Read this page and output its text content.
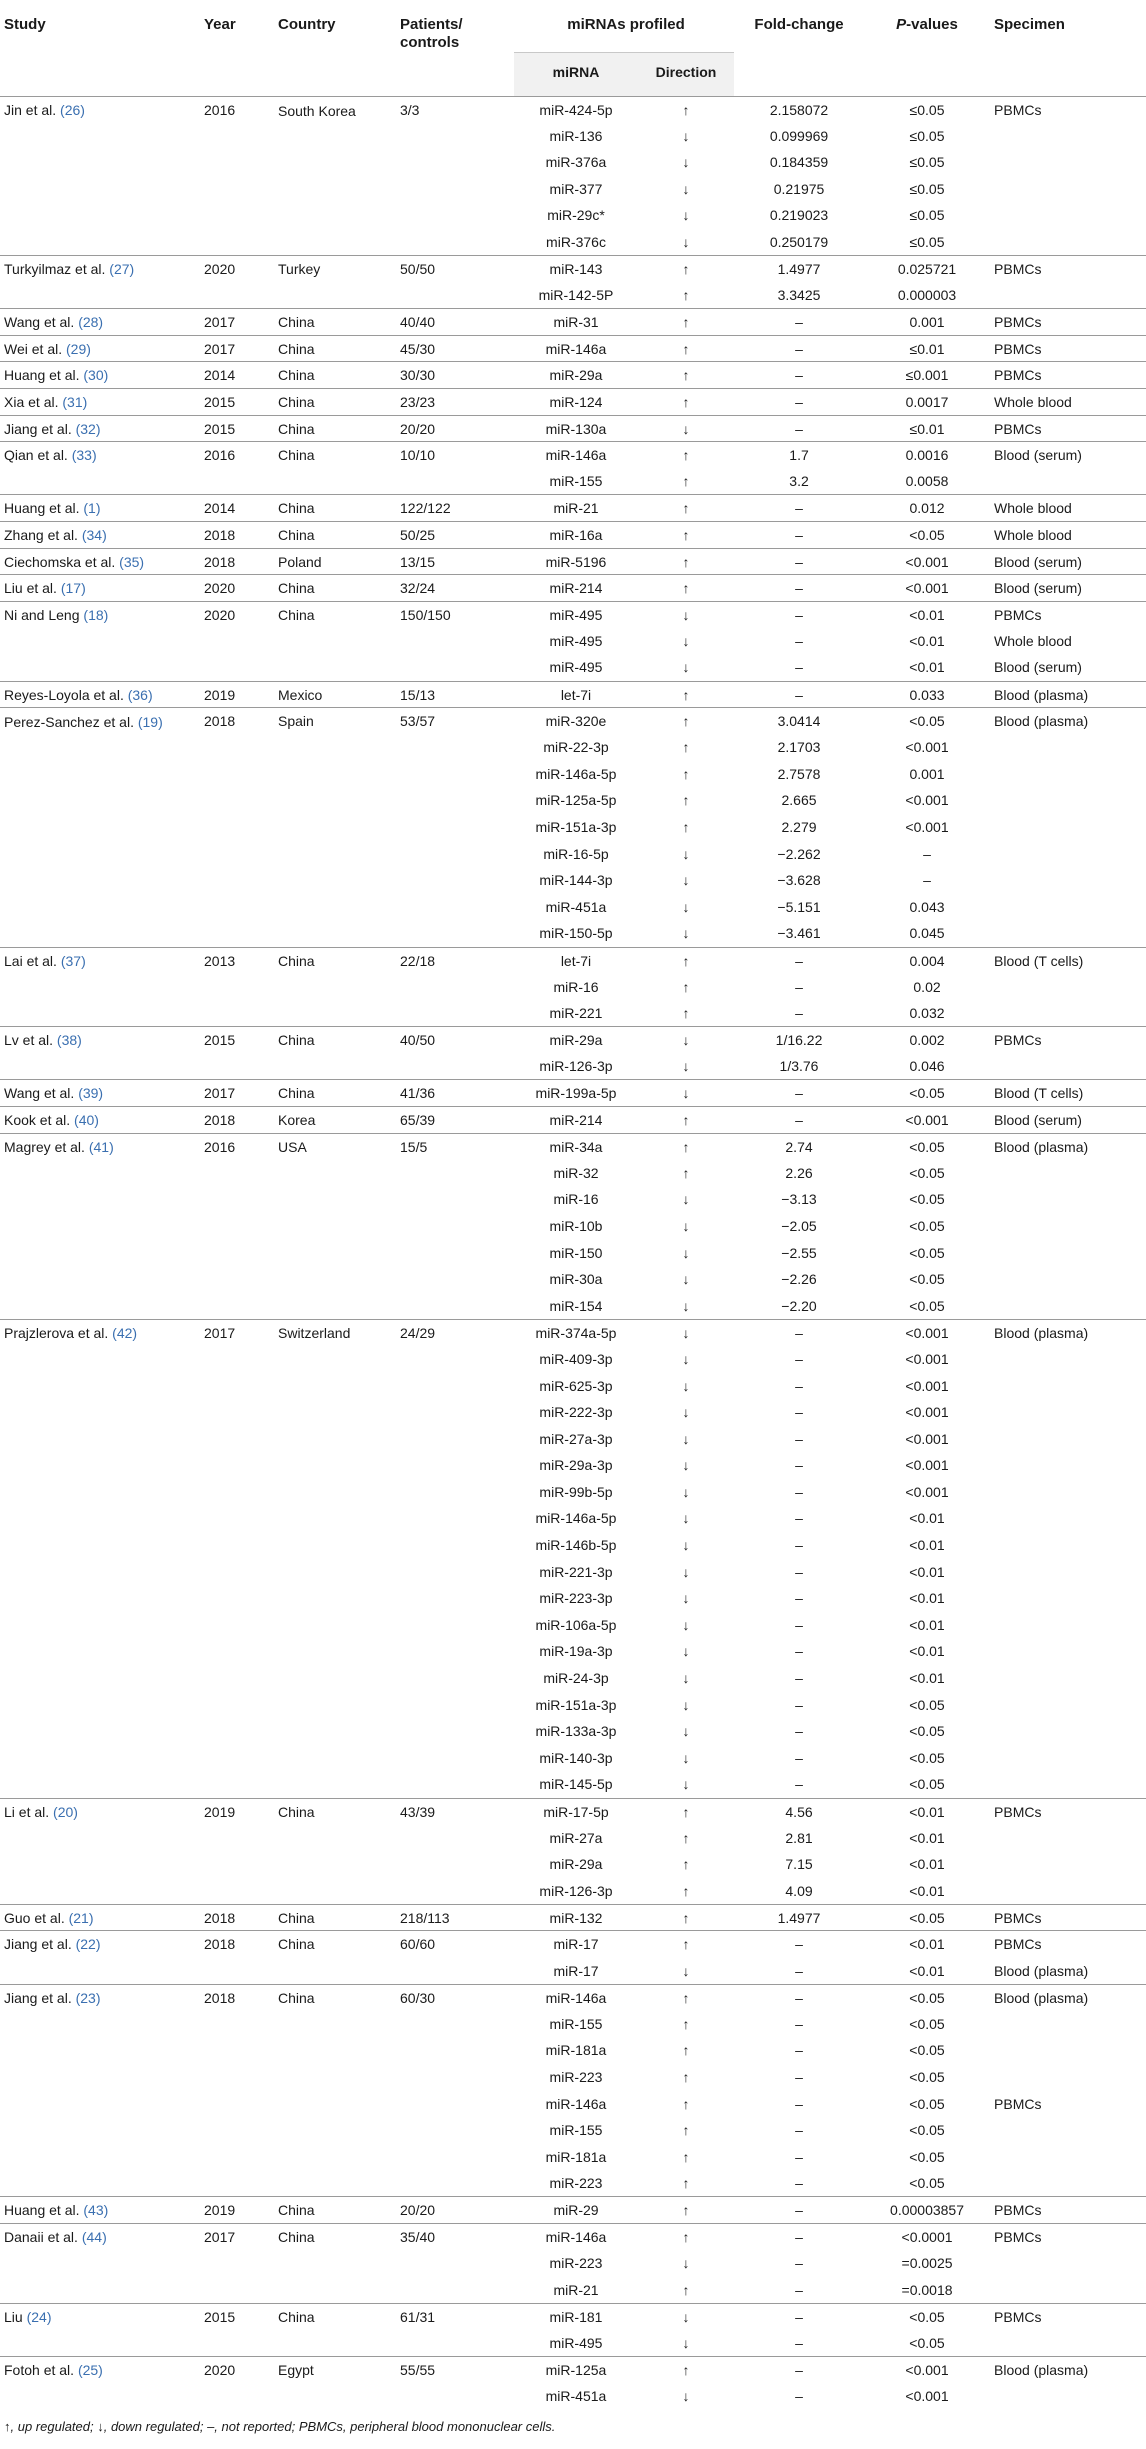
Study	Year	Country	Patients/ controls	miRNAs profiled		Fold-change	P-values	Specimen
				miRNA	Direction			
Jin et al. (26)	2016	South Korea	3/3	miR-424-5p	↑	2.158072	≤0.05	PBMCs
				miR-136	↓	0.099969	≤0.05	
				miR-376a	↓	0.184359	≤0.05	
				miR-377	↓	0.21975	≤0.05	
				miR-29c*	↓	0.219023	≤0.05	
				miR-376c	↓	0.250179	≤0.05	
Turkyilmaz et al. (27)	2020	Turkey	50/50	miR-143	↑	1.4977	0.025721	PBMCs
				miR-142-5P	↑	3.3425	0.000003	
Wang et al. (28)	2017	China	40/40	miR-31	↑	–	0.001	PBMCs
Wei et al. (29)	2017	China	45/30	miR-146a	↑	–	≤0.01	PBMCs
Huang et al. (30)	2014	China	30/30	miR-29a	↑	–	≤0.001	PBMCs
Xia et al. (31)	2015	China	23/23	miR-124	↑	–	0.0017	Whole blood
Jiang et al. (32)	2015	China	20/20	miR-130a	↓	–	≤0.01	PBMCs
Qian et al. (33)	2016	China	10/10	miR-146a	↑	1.7	0.0016	Blood (serum)
				miR-155	↑	3.2	0.0058	
Huang et al. (1)	2014	China	122/122	miR-21	↑	–	0.012	Whole blood
Zhang et al. (34)	2018	China	50/25	miR-16a	↑	–	<0.05	Whole blood
Ciechomska et al. (35)	2018	Poland	13/15	miR-5196	↑	–	<0.001	Blood (serum)
Liu et al. (17)	2020	China	32/24	miR-214	↑	–	<0.001	Blood (serum)
Ni and Leng (18)	2020	China	150/150	miR-495	↓	–	<0.01	PBMCs
				miR-495	↓	–	<0.01	Whole blood
				miR-495	↓	–	<0.01	Blood (serum)
Reyes-Loyola et al. (36)	2019	Mexico	15/13	let-7i	↑	–	0.033	Blood (plasma)
Perez-Sanchez et al. (19)	2018	Spain	53/57	miR-320e	↑	3.0414	<0.05	Blood (plasma)
				miR-22-3p	↑	2.1703	<0.001	
				miR-146a-5p	↑	2.7578	0.001	
				miR-125a-5p	↑	2.665	<0.001	
				miR-151a-3p	↑	2.279	<0.001	
				miR-16-5p	↓	−2.262	–	
				miR-144-3p	↓	−3.628	–	
				miR-451a	↓	−5.151	0.043	
				miR-150-5p	↓	−3.461	0.045	
Lai et al. (37)	2013	China	22/18	let-7i	↑	–	0.004	Blood (T cells)
				miR-16	↑	–	0.02	
				miR-221	↑	–	0.032	
Lv et al. (38)	2015	China	40/50	miR-29a	↓	1/16.22	0.002	PBMCs
				miR-126-3p	↓	1/3.76	0.046	
Wang et al. (39)	2017	China	41/36	miR-199a-5p	↓	–	<0.05	Blood (T cells)
Kook et al. (40)	2018	Korea	65/39	miR-214	↑	–	<0.001	Blood (serum)
Magrey et al. (41)	2016	USA	15/5	miR-34a	↑	2.74	<0.05	Blood (plasma)
				miR-32	↑	2.26	<0.05	
				miR-16	↓	−3.13	<0.05	
				miR-10b	↓	−2.05	<0.05	
				miR-150	↓	−2.55	<0.05	
				miR-30a	↓	−2.26	<0.05	
				miR-154	↓	−2.20	<0.05	
Prajzlerova et al. (42)	2017	Switzerland	24/29	miR-374a-5p	↓	–	<0.001	Blood (plasma)
				miR-409-3p	↓	–	<0.001	
				miR-625-3p	↓	–	<0.001	
				miR-222-3p	↓	–	<0.001	
				miR-27a-3p	↓	–	<0.001	
				miR-29a-3p	↓	–	<0.001	
				miR-99b-5p	↓	–	<0.001	
				miR-146a-5p	↓	–	<0.01	
				miR-146b-5p	↓	–	<0.01	
				miR-221-3p	↓	–	<0.01	
				miR-223-3p	↓	–	<0.01	
				miR-106a-5p	↓	–	<0.01	
				miR-19a-3p	↓	–	<0.01	
				miR-24-3p	↓	–	<0.01	
				miR-151a-3p	↓	–	<0.05	
				miR-133a-3p	↓	–	<0.05	
				miR-140-3p	↓	–	<0.05	
				miR-145-5p	↓	–	<0.05	
Li et al. (20)	2019	China	43/39	miR-17-5p	↑	4.56	<0.01	PBMCs
				miR-27a	↑	2.81	<0.01	
				miR-29a	↑	7.15	<0.01	
				miR-126-3p	↑	4.09	<0.01	
Guo et al. (21)	2018	China	218/113	miR-132	↑	1.4977	<0.05	PBMCs
Jiang et al. (22)	2018	China	60/60	miR-17	↑	–	<0.01	PBMCs
				miR-17	↓	–	<0.01	Blood (plasma)
Jiang et al. (23)	2018	China	60/30	miR-146a	↑	–	<0.05	Blood (plasma)
				miR-155	↑	–	<0.05	
				miR-181a	↑	–	<0.05	
				miR-223	↑	–	<0.05	
				miR-146a	↑	–	<0.05	PBMCs
				miR-155	↑	–	<0.05	
				miR-181a	↑	–	<0.05	
				miR-223	↑	–	<0.05	
Huang et al. (43)	2019	China	20/20	miR-29	↑	–	0.00003857	PBMCs
Danaii et al. (44)	2017	China	35/40	miR-146a	↑	–	<0.0001	PBMCs
				miR-223	↓	–	=0.0025	
				miR-21	↑	–	=0.0018	
Liu (24)	2015	China	61/31	miR-181	↓	–	<0.05	PBMCs
				miR-495	↓	–	<0.05	
Fotoh et al. (25)	2020	Egypt	55/55	miR-125a	↑	–	<0.001	Blood (plasma)
				miR-451a	↓	–	<0.001	
↑, up regulated; ↓, down regulated; –, not reported; PBMCs, peripheral blood mononuclear cells.
